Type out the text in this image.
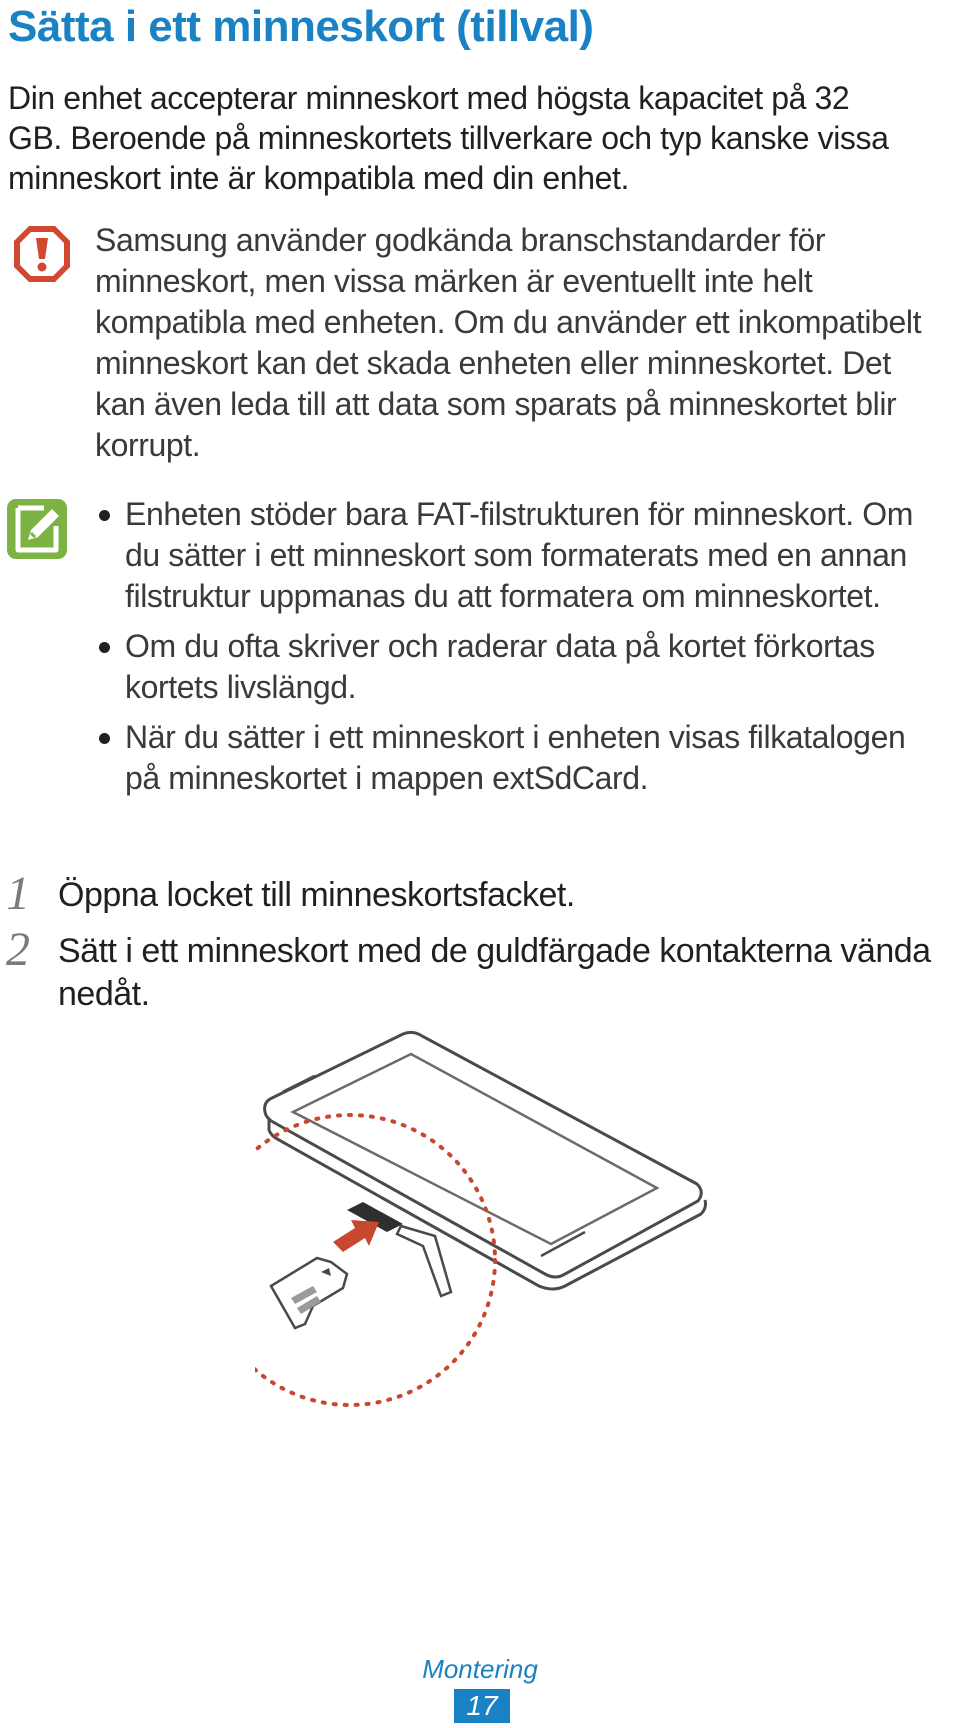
Sätta i ett minneskort (tillval)

Din enhet accepterar minneskort med högsta kapacitet på 32 GB. Beroende på minneskortets tillverkare och typ kanske vissa minneskort inte är kompatibla med din enhet.

Samsung använder godkända branschstandarder för minneskort, men vissa märken är eventuellt inte helt kompatibla med enheten. Om du använder ett inkompatibelt minneskort kan det skada enheten eller minneskortet. Det kan även leda till att data som sparats på minneskortet blir korrupt.

Enheten stöder bara FAT-filstrukturen för minneskort. Om du sätter i ett minneskort som formaterats med en annan filstruktur uppmanas du att formatera om minneskortet.
Om du ofta skriver och raderar data på kortet förkortas kortets livslängd.
När du sätter i ett minneskort i enheten visas filkatalogen på minneskortet i mappen extSdCard.
1 Öppna locket till minneskortsfacket.
2 Sätt i ett minneskort med de guldfärgade kontakterna vända nedåt.
Montering
17
